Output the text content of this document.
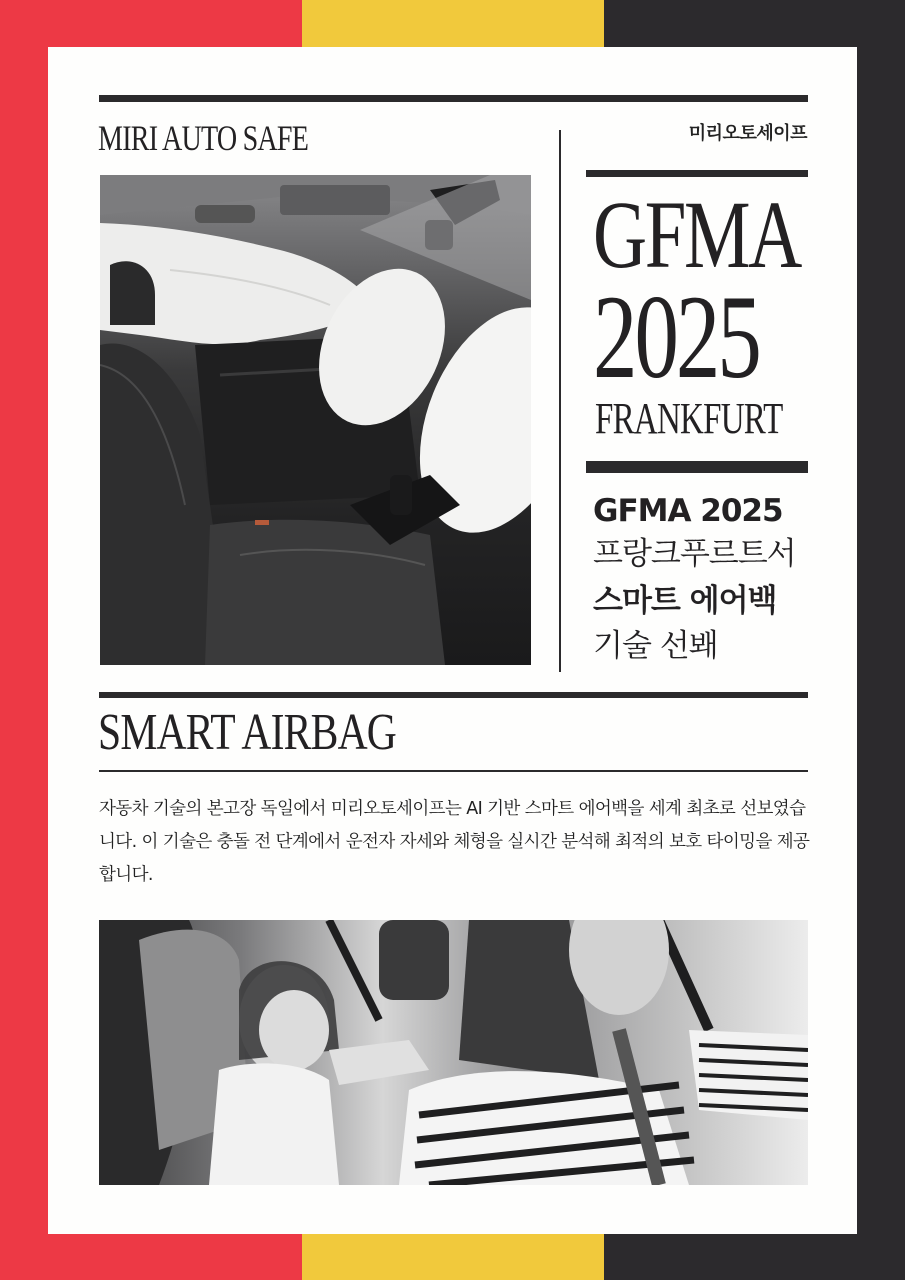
MIRI AUTO SAFE	미리오토세이프
GFMA
2025
FRANKFURT
GFMA 2025
프랑크푸르트서
스마트 에어백
기술 선봬
SMART AIRBAG

자동차 기술의 본고장 독일에서 미리오토세이프는 AI 기반 스마트 에어백을 세계 최초로 선보였습니다. 이 기술은 충돌 전 단계에서 운전자 자세와 체형을 실시간 분석해 최적의 보호 타이밍을 제공합니다.
